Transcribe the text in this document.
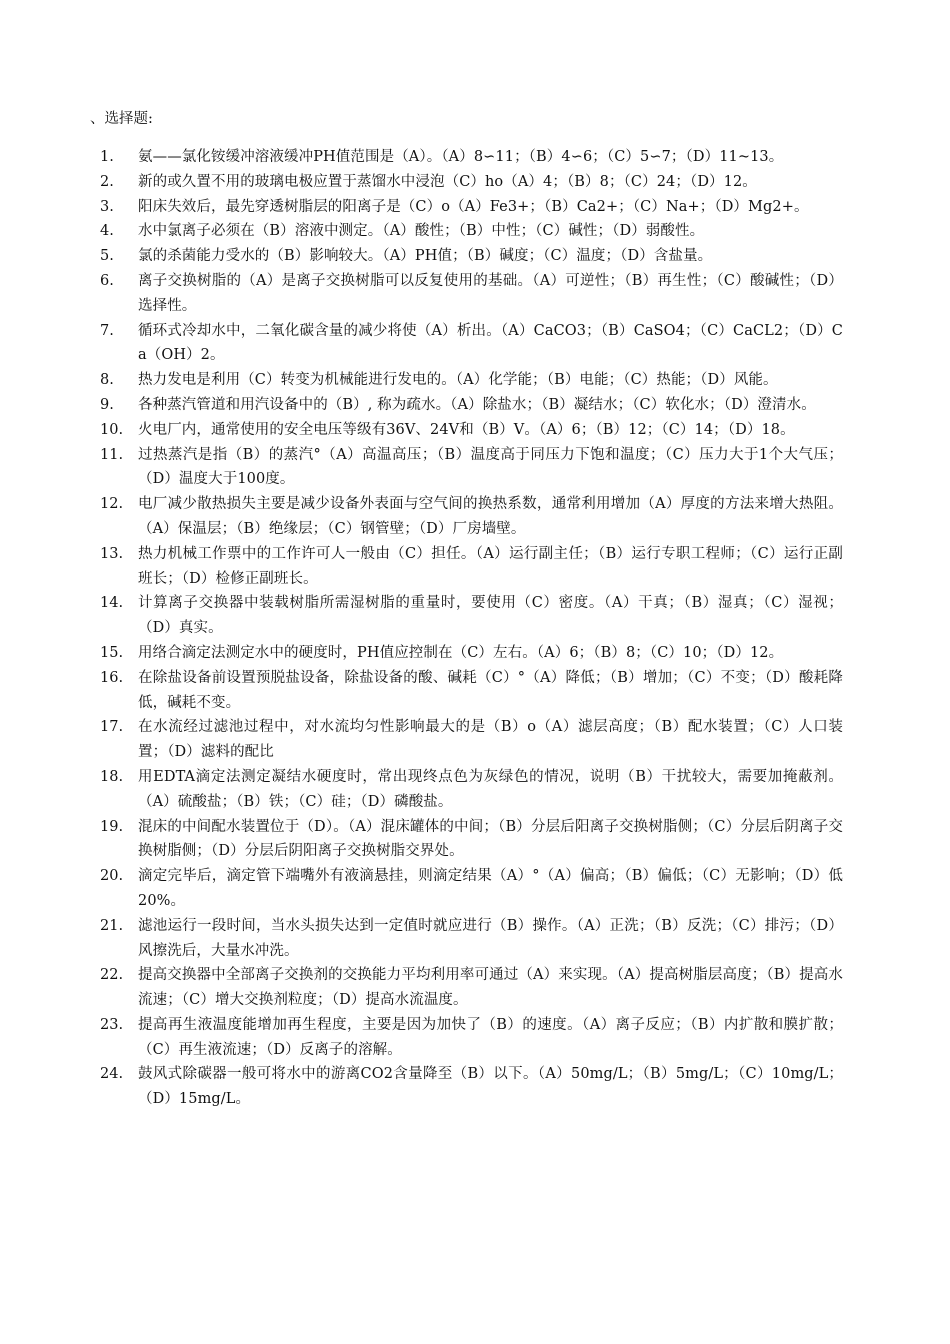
、选择题:
1.	氨——氯化铵缓冲溶液缓冲PH值范围是（A）。（A）8∽11；（B）4∽6；（C）5∽7；（D）11~13。
2.	新的或久置不用的玻璃电极应置于蒸馏水中浸泡（C）ho（A）4；（B）8；（C）24；（D）12。
3.	阳床失效后，最先穿透树脂层的阳离子是（C）o（A）Fe3+；（B）Ca2+；（C）Na+；（D）Mg2+。
4.	水中氯离子必须在（B）溶液中测定。（A）酸性；（B）中性；（C）碱性；（D）弱酸性。
5.	氯的杀菌能力受水的（B）影响较大。（A）PH值；（B）碱度；（C）温度；（D）含盐量。
6.	离子交换树脂的（A）是离子交换树脂可以反复使用的基础。（A）可逆性；（B）再生性；（C）酸碱性；（D）选择性。
7.	循环式冷却水中，二氧化碳含量的减少将使（A）析出。（A）CaCO3；（B）CaSO4；（C）CaCL2；（D）Ca（OH）2。
8.	热力发电是利用（C）转变为机械能进行发电的。（A）化学能；（B）电能；（C）热能；（D）风能。
9.	各种蒸汽管道和用汽设备中的（B）, 称为疏水。（A）除盐水；（B）凝结水；（C）软化水；（D）澄清水。
10.	火电厂内，通常使用的安全电压等级有36V、24V和（B）V。（A）6；（B）12；（C）14；（D）18。
11.	过热蒸汽是指（B）的蒸汽°（A）高温高压；（B）温度高于同压力下饱和温度；（C）压力大于1个大气压；（D）温度大于100度。
12.	电厂减少散热损失主要是减少设备外表面与空气间的换热系数，通常利用增加（A）厚度的方法来增大热阻。（A）保温层；（B）绝缘层；（C）钢管壁；（D）厂房墙壁。
13.	热力机械工作票中的工作许可人一般由（C）担任。（A）运行副主任；（B）运行专职工程师；（C）运行正副班长；（D）检修正副班长。
14.	计算离子交换器中装载树脂所需湿树脂的重量时，要使用（C）密度。（A）干真；（B）湿真；（C）湿视；（D）真实。
15.	用络合滴定法测定水中的硬度时，PH值应控制在（C）左右。（A）6；（B）8；（C）10；（D）12。
16.	在除盐设备前设置预脱盐设备，除盐设备的酸、碱耗（C）°（A）降低；（B）增加；（C）不变；（D）酸耗降低，碱耗不变。
17.	在水流经过滤池过程中，对水流均匀性影响最大的是（B）o（A）滤层高度；（B）配水装置；（C）人口装置；（D）滤料的配比
18.	用EDTA滴定法测定凝结水硬度时，常出现终点色为灰绿色的情况，说明（B）干扰较大，需要加掩蔽剂。（A）硫酸盐；（B）铁；（C）硅；（D）磷酸盐。
19.	混床的中间配水装置位于（D）。（A）混床罐体的中间；（B）分层后阳离子交换树脂侧；（C）分层后阴离子交换树脂侧；（D）分层后阴阳离子交换树脂交界处。
20.	滴定完毕后，滴定管下端嘴外有液滴悬挂，则滴定结果（A）°（A）偏高；（B）偏低；（C）无影响；（D）低20%。
21.	滤池运行一段时间，当水头损失达到一定值时就应进行（B）操作。（A）正洗；（B）反洗；（C）排污；（D）风擦洗后，大量水冲洗。
22.	提高交换器中全部离子交换剂的交换能力平均利用率可通过（A）来实现。（A）提高树脂层高度；（B）提高水流速；（C）增大交换剂粒度；（D）提高水流温度。
23.	提高再生液温度能增加再生程度，主要是因为加快了（B）的速度。（A）离子反应；（B）内扩散和膜扩散；（C）再生液流速；（D）反离子的溶解。
24.	鼓风式除碳器一般可将水中的游离CO2含量降至（B）以下。（A）50mg/L；（B）5mg/L；（C）10mg/L；（D）15mg/L。
